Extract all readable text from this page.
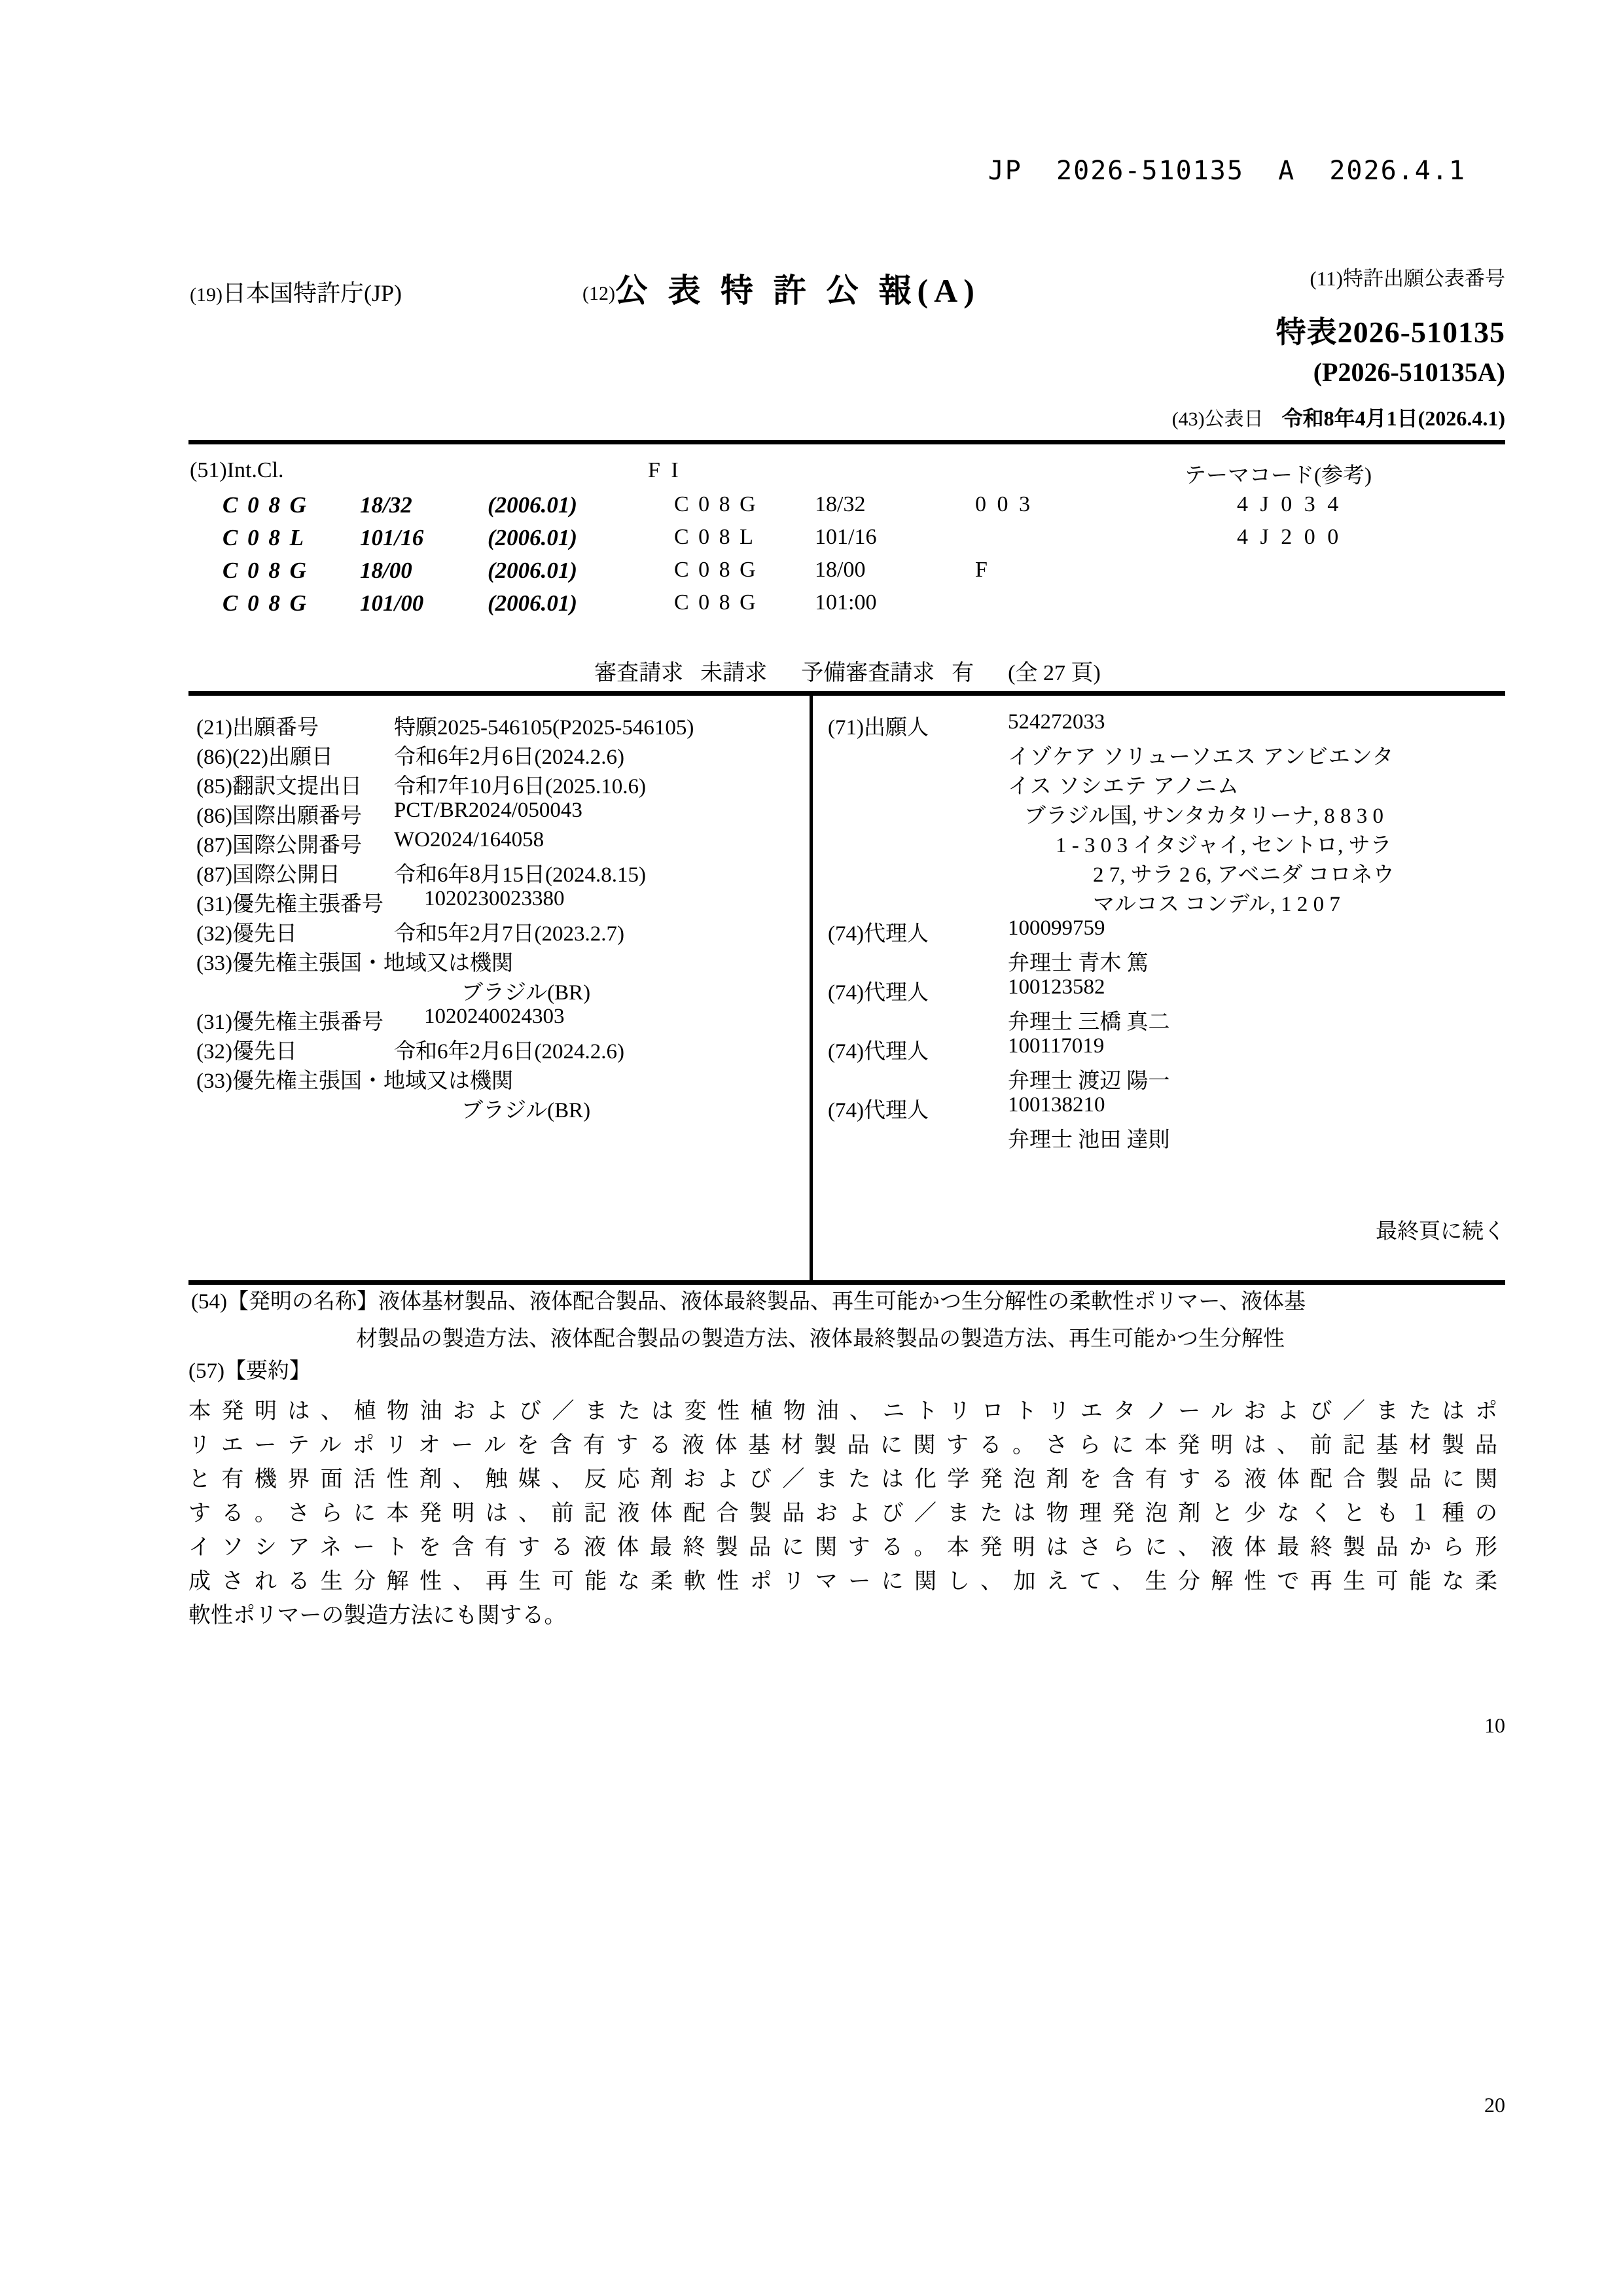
JP  2026-510135  A  2026.4.1
(19)日本国特許庁(JP)	(12)公 表 特 許 公 報(A)	(11)特許出願公表番号
特表2026-510135
(P2026-510135A)
(43)公表日 令和8年4月1日(2026.4.1)
(51)Int.Cl.	F I	テーマコード(参考)
C 0 8 G 18/32	(2006.01)	C 0 8 G	18/32	0 0 3	4 J 0 3 4
C 0 8 L 101/16	(2006.01)	C 0 8 L	101/16	4 J 2 0 0
C 0 8 G 18/00	(2006.01)	C 0 8 G	18/00	F
C 0 8 G 101/00	(2006.01)	C 0 8 G	101:00
審査請求 未請求 予備審査請求 有 (全 27 頁)
(21)出願番号	特願2025-546105(P2025-546105)
(86)(22)出願日	令和6年2月6日(2024.2.6)
(85)翻訳文提出日 令和7年10月6日(2025.10.6)
(86)国際出願番号 PCT/BR2024/050043
(87)国際公開番号 WO2024/164058
(87)国際公開日 令和6年8月15日(2024.8.15)
(31)優先権主張番号 1020230023380
(32)優先日	令和5年2月7日(2023.2.7)
(33)優先権主張国・地域又は機関
ブラジル(BR)
(31)優先権主張番号 1020240024303
(32)優先日	令和6年2月6日(2024.2.6)
(33)優先権主張国・地域又は機関
ブラジル(BR)
(71)出願人	524272033
イゾケア ソリューソエス アンビエンタ
イス ソシエテ アノニム
ブラジル国, サンタカタリーナ, 8 8 3 0
1 - 3 0 3 イタジャイ, セントロ, サラ
2 7, サラ 2 6, アベニダ コロネウ
マルコス コンデル, 1 2 0 7
(74)代理人	100099759
弁理士 青木 篤
(74)代理人	100123582
弁理士 三橋 真二
(74)代理人	100117019
弁理士 渡辺 陽一
(74)代理人	100138210
弁理士 池田 達則
最終頁に続く
(54)【発明の名称】液体基材製品、液体配合製品、液体最終製品、再生可能かつ生分解性の柔軟性ポリマー、液体基
材製品の製造方法、液体配合製品の製造方法、液体最終製品の製造方法、再生可能かつ生分解性
(57)【要約】
本発明は、植物油および／または変性植物油、ニトリロトリエタノールおよび／またはポ
リエーテルポリオールを含有する液体基材製品に関する。さらに本発明は、前記基材製品
と有機界面活性剤、触媒、反応剤および／または化学発泡剤を含有する液体配合製品に関
する。さらに本発明は、前記液体配合製品および／または物理発泡剤と少なくとも１種の
イソシアネートを含有する液体最終製品に関する。本発明はさらに、液体最終製品から形
成される生分解性、再生可能な柔軟性ポリマーに関し、加えて、生分解性で再生可能な柔
軟性ポリマーの製造方法にも関する。
10
20
